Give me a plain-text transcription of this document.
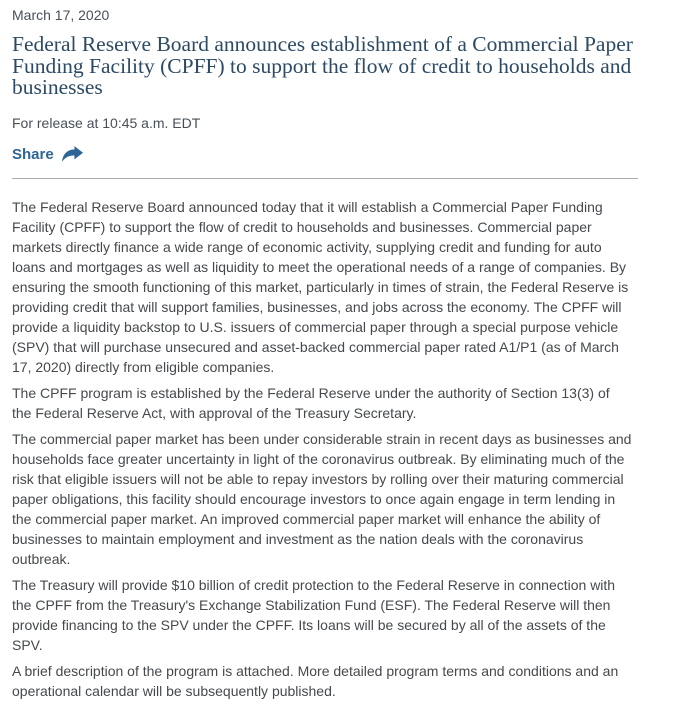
March 17, 2020
Federal Reserve Board announces establishment of a Commercial Paper Funding Facility (CPFF) to support the flow of credit to households and businesses
For release at 10:45 a.m. EDT
Share

The Federal Reserve Board announced today that it will establish a Commercial Paper Funding Facility (CPFF) to support the flow of credit to households and businesses. Commercial paper markets directly finance a wide range of economic activity, supplying credit and funding for auto loans and mortgages as well as liquidity to meet the operational needs of a range of companies. By ensuring the smooth functioning of this market, particularly in times of strain, the Federal Reserve is providing credit that will support families, businesses, and jobs across the economy. The CPFF will provide a liquidity backstop to U.S. issuers of commercial paper through a special purpose vehicle (SPV) that will purchase unsecured and asset-backed commercial paper rated A1/P1 (as of March 17, 2020) directly from eligible companies.

The CPFF program is established by the Federal Reserve under the authority of Section 13(3) of the Federal Reserve Act, with approval of the Treasury Secretary.

The commercial paper market has been under considerable strain in recent days as businesses and households face greater uncertainty in light of the coronavirus outbreak. By eliminating much of the risk that eligible issuers will not be able to repay investors by rolling over their maturing commercial paper obligations, this facility should encourage investors to once again engage in term lending in the commercial paper market. An improved commercial paper market will enhance the ability of businesses to maintain employment and investment as the nation deals with the coronavirus outbreak.

The Treasury will provide $10 billion of credit protection to the Federal Reserve in connection with the CPFF from the Treasury's Exchange Stabilization Fund (ESF). The Federal Reserve will then provide financing to the SPV under the CPFF. Its loans will be secured by all of the assets of the SPV.

A brief description of the program is attached. More detailed program terms and conditions and an operational calendar will be subsequently published.
